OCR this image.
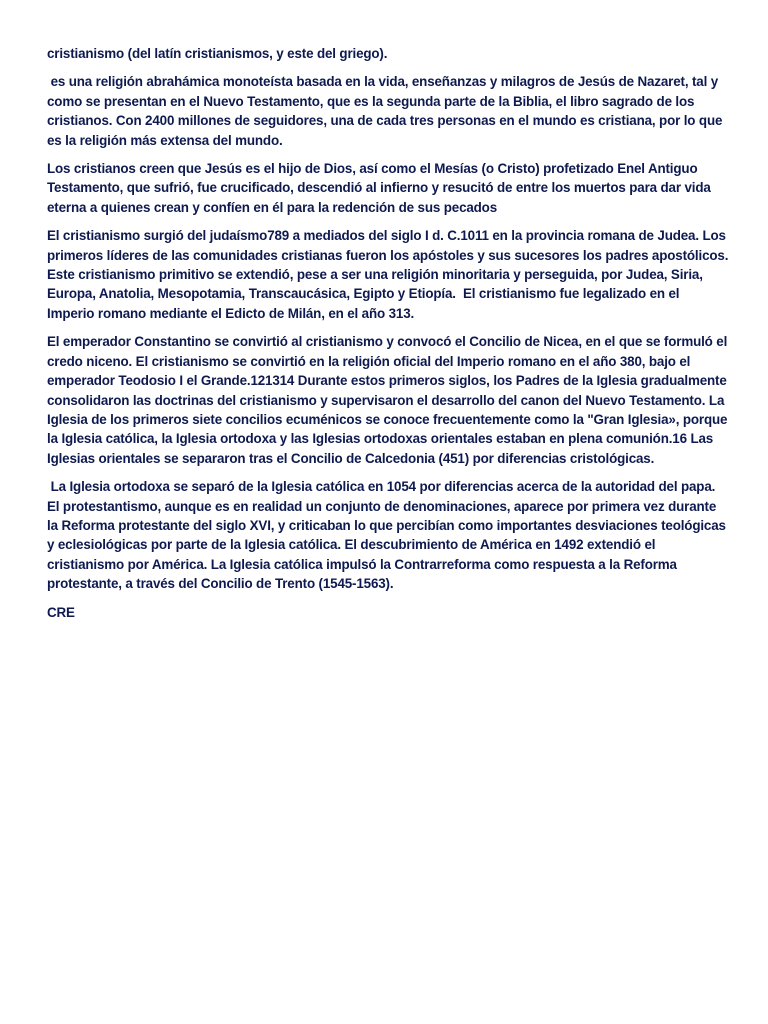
cristianismo (del latín cristianismos, y este del griego).

es una religión abrahámica monoteísta basada en la vida, enseñanzas y milagros de Jesús de Nazaret, tal y como se presentan en el Nuevo Testamento, que es la segunda parte de la Biblia, el libro sagrado de los cristianos. Con 2400 millones de seguidores, una de cada tres personas en el mundo es cristiana, por lo que es la religión más extensa del mundo.

Los cristianos creen que Jesús es el hijo de Dios, así como el Mesías (o Cristo) profetizado Enel Antiguo Testamento, que sufrió, fue crucificado, descendió al infierno y resucitó de entre los muertos para dar vida eterna a quienes crean y confíen en él para la redención de sus pecados

El cristianismo surgió del judaísmo789 a mediados del siglo I d. C.1011 en la provincia romana de Judea. Los primeros líderes de las comunidades cristianas fueron los apóstoles y sus sucesores los padres apostólicos. Este cristianismo primitivo se extendió, pese a ser una religión minoritaria y perseguida, por Judea, Siria, Europa, Anatolia, Mesopotamia, Transcaucásica, Egipto y Etiopía.  El cristianismo fue legalizado en el Imperio romano mediante el Edicto de Milán, en el año 313.

El emperador Constantino se convirtió al cristianismo y convocó el Concilio de Nicea, en el que se formuló el credo niceno. El cristianismo se convirtió en la religión oficial del Imperio romano en el año 380, bajo el emperador Teodosio I el Grande.121314 Durante estos primeros siglos, los Padres de la Iglesia gradualmente consolidaron las doctrinas del cristianismo y supervisaron el desarrollo del canon del Nuevo Testamento. La Iglesia de los primeros siete concilios ecuménicos se conoce frecuentemente como la "Gran Iglesia», porque la Iglesia católica, la Iglesia ortodoxa y las Iglesias ortodoxas orientales estaban en plena comunión.16 Las Iglesias orientales se separaron tras el Concilio de Calcedonia (451) por diferencias cristológicas.

La Iglesia ortodoxa se separó de la Iglesia católica en 1054 por diferencias acerca de la autoridad del papa. El protestantismo, aunque es en realidad un conjunto de denominaciones, aparece por primera vez durante la Reforma protestante del siglo XVI, y criticaban lo que percibían como importantes desviaciones teológicas y eclesiológicas por parte de la Iglesia católica. El descubrimiento de América en 1492 extendió el cristianismo por América. La Iglesia católica impulsó la Contrarreforma como respuesta a la Reforma protestante, a través del Concilio de Trento (1545-1563).

CRE
